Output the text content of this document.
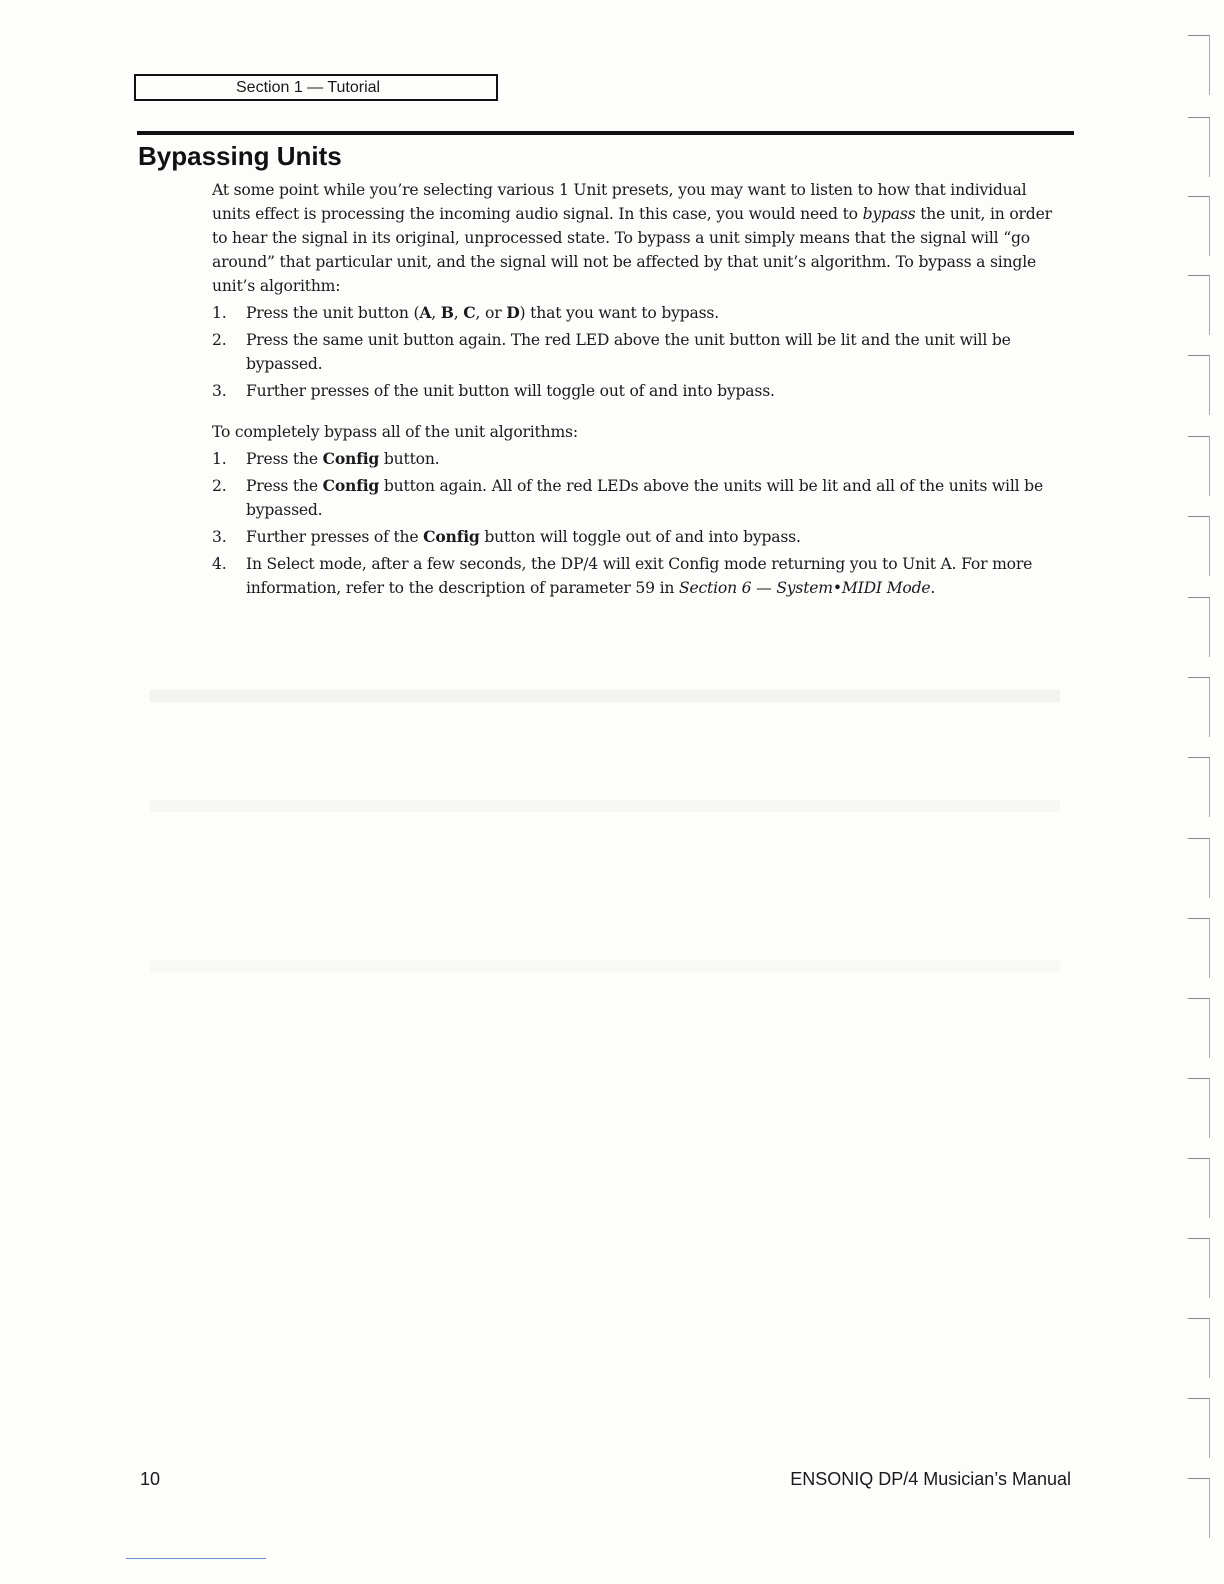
Section 1 — Tutorial
Bypassing Units

At some point while you’re selecting various 1 Unit presets, you may want to listen to how that individual units effect is processing the incoming audio signal. In this case, you would need to bypass the unit, in order to hear the signal in its original, unprocessed state. To bypass a unit simply means that the signal will “go around” that particular unit, and the signal will not be affected by that unit’s algorithm. To bypass a single unit’s algorithm:

1. Press the unit button (A, B, C, or D) that you want to bypass.
2. Press the same unit button again. The red LED above the unit button will be lit and the unit will be bypassed.
3. Further presses of the unit button will toggle out of and into bypass.

To completely bypass all of the unit algorithms:

1. Press the Config button.
2. Press the Config button again. All of the red LEDs above the units will be lit and all of the units will be bypassed.
3. Further presses of the Config button will toggle out of and into bypass.
4. In Select mode, after a few seconds, the DP/4 will exit Config mode returning you to Unit A. For more information, refer to the description of parameter 59 in Section 6 — System•MIDI Mode.
10	ENSONIQ DP/4 Musician’s Manual
